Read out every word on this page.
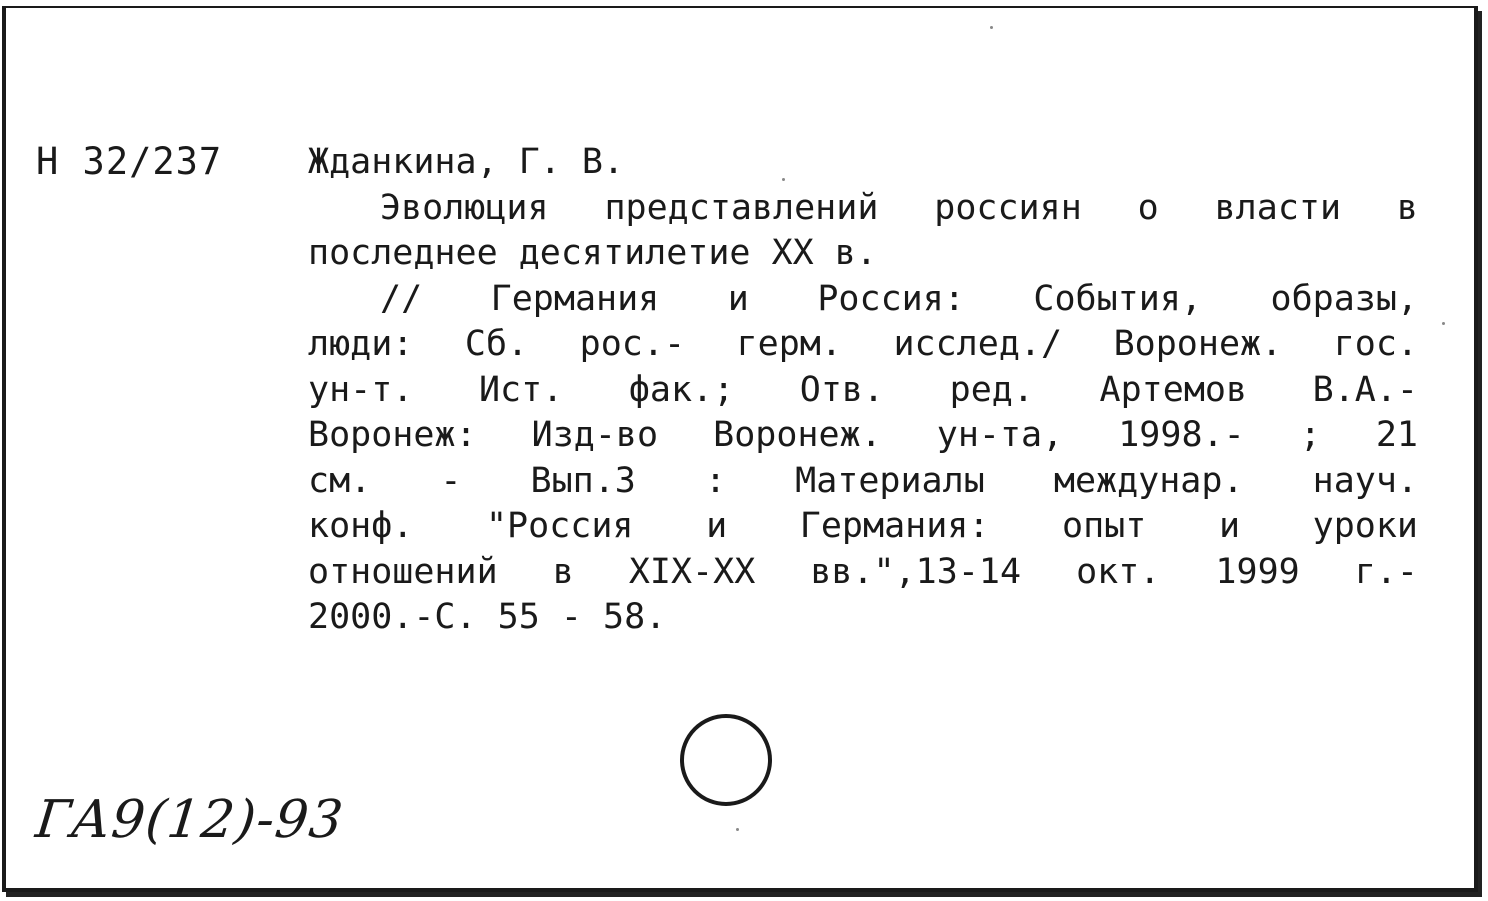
Н 32/237 Жданкина, Г. В.
Эволюция представлений россиян о власти в
последнее десятилетие XX в.
// Германия и Россия: События, образы,
люди: Сб. рос.- герм. исслед./ Воронеж. гос.
ун-т. Ист. фак.; Отв. ред. Артемов В.А.-
Воронеж: Изд-во Воронеж. ун-та, 1998.- ; 21
см. - Вып.3 : Материалы междунар. науч.
конф. "Россия и Германия: опыт и уроки
отношений в XIX-XX вв.",13-14 окт. 1999 г.-
2000.-С. 55 - 58.
ГА9(12)-93
